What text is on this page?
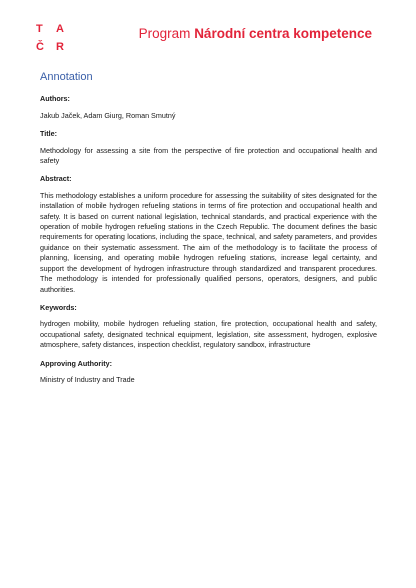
T	A
Č	R
Program Národní centra kompetence
Annotation
Authors:
Jakub Jaček, Adam Giurg, Roman Smutný
Title:
Methodology for assessing a site from the perspective of fire protection and occupational health and safety
Abstract:
This methodology establishes a uniform procedure for assessing the suitability of sites designated for the installation of mobile hydrogen refueling stations in terms of fire protection and occupational health and safety. It is based on current national legislation, technical standards, and practical experience with the operation of mobile hydrogen refueling stations in the Czech Republic. The document defines the basic requirements for operating locations, including the space, technical, and safety parameters, and provides guidance on their systematic assessment. The aim of the methodology is to facilitate the process of planning, licensing, and operating mobile hydrogen refueling stations, increase legal certainty, and support the development of hydrogen infrastructure through standardized and transparent procedures. The methodology is intended for professionally qualified persons, operators, designers, and public authorities.
Keywords:
hydrogen mobility, mobile hydrogen refueling station, fire protection, occupational health and safety, occupational safety, designated technical equipment, legislation, site assessment, hydrogen, explosive atmosphere, safety distances, inspection checklist, regulatory sandbox, infrastructure
Approving Authority:
Ministry of Industry and Trade
